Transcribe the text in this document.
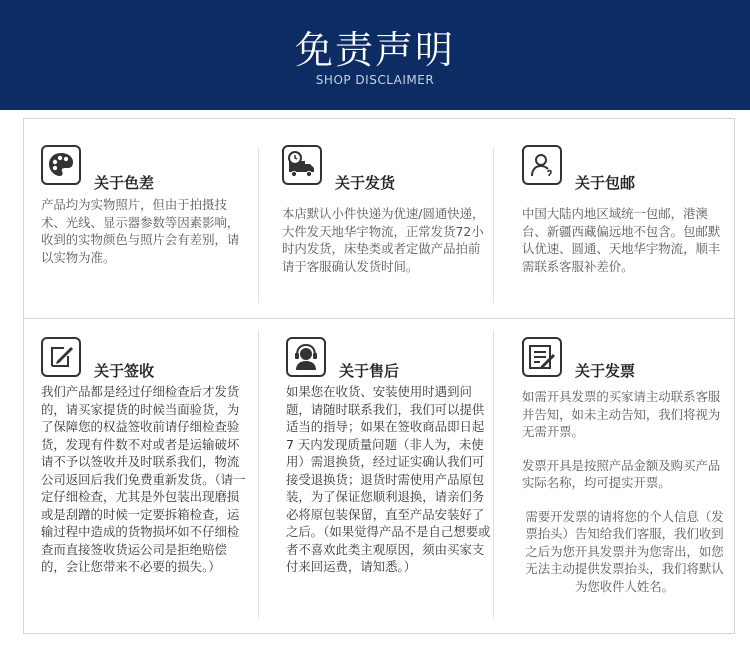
免责声明
SHOP DISCLAIMER
关于色差
产品均为实物照片，但由于拍摄技术、光线、显示器参数等因素影响，收到的实物颜色与照片会有差别，请以实物为准。
关于发货
本店默认小件快递为优速/圆通快递，大件发天地华宇物流，正常发货72小时内发货，床垫类或者定做产品拍前请于客服确认发货时间。
关于包邮
中国大陆内地区域统一包邮，港澳台、新疆西藏偏远地不包含。包邮默认优速、圆通、天地华宇物流，顺丰 需联系客服补差价。
关于签收
我们产品都是经过仔细检查后才发货的，请买家提货的时候当面验货，为了保障您的权益签收前请仔细检查验货，发现有件数不对或者是运输破坏请不予以签收并及时联系我们，物流公司返回后我们免费重新发货。（请一定仔细检查，尤其是外包装出现磨损或是刮蹭的时候一定要拆箱检查，运输过程中造成的货物损坏如不仔细检查而直接签收货运公司是拒绝赔偿的，会让您带来不必要的损失。）
关于售后
如果您在收货、安装使用时遇到问题，请随时联系我们，我们可以提供适当的指导；如果在签收商品即日起 7 天内发现质量问题（非人为，未使用）需退换货，经过证实确认我们可接受退换货；退货时需使用产品原包装，为了保证您顺利退换，请亲们务必将原包装保留，直至产品安装好了之后。（如果觉得产品不是自己想要或者不喜欢此类主观原因，须由买家支付来回运费，请知悉。）
关于发票

如需开具发票的买家请主动联系客服并告知，如未主动告知，我们将视为无需开票。

发票开具是按照产品金额及购买产品实际名称，均可提实开票。

需要开发票的请将您的个人信息（发票抬头）告知给我们客服，我们收到之后为您开具发票并为您寄出，如您无法主动提供发票抬头，我们将默认为您收件人姓名。
